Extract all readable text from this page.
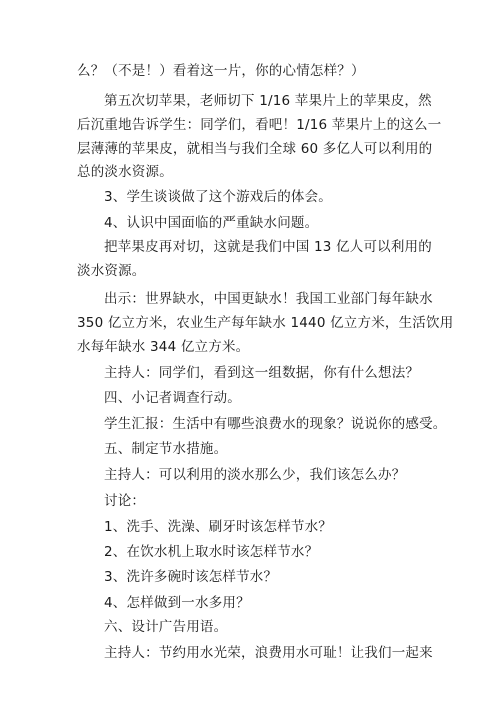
么？（不是！）看着这一片，你的心情怎样？）
第五次切苹果，老师切下 1/16 苹果片上的苹果皮，然
后沉重地告诉学生：同学们，看吧！1/16 苹果片上的这么一
层薄薄的苹果皮，就相当与我们全球 60 多亿人可以利用的
总的淡水资源。
3、学生谈谈做了这个游戏后的体会。
4、认识中国面临的严重缺水问题。
把苹果皮再对切，这就是我们中国 13 亿人可以利用的
淡水资源。
出示：世界缺水，中国更缺水！我国工业部门每年缺水
350 亿立方米，农业生产每年缺水 1440 亿立方米，生活饮用
水每年缺水 344 亿立方米。
主持人：同学们，看到这一组数据，你有什么想法？
四、小记者调查行动。
学生汇报：生活中有哪些浪费水的现象？说说你的感受。
五、制定节水措施。
主持人：可以利用的淡水那么少，我们该怎么办？
讨论：
1、洗手、洗澡、刷牙时该怎样节水？
2、在饮水机上取水时该怎样节水？
3、洗许多碗时该怎样节水？
4、怎样做到一水多用？
六、设计广告用语。
主持人：节约用水光荣，浪费用水可耻！让我们一起来
